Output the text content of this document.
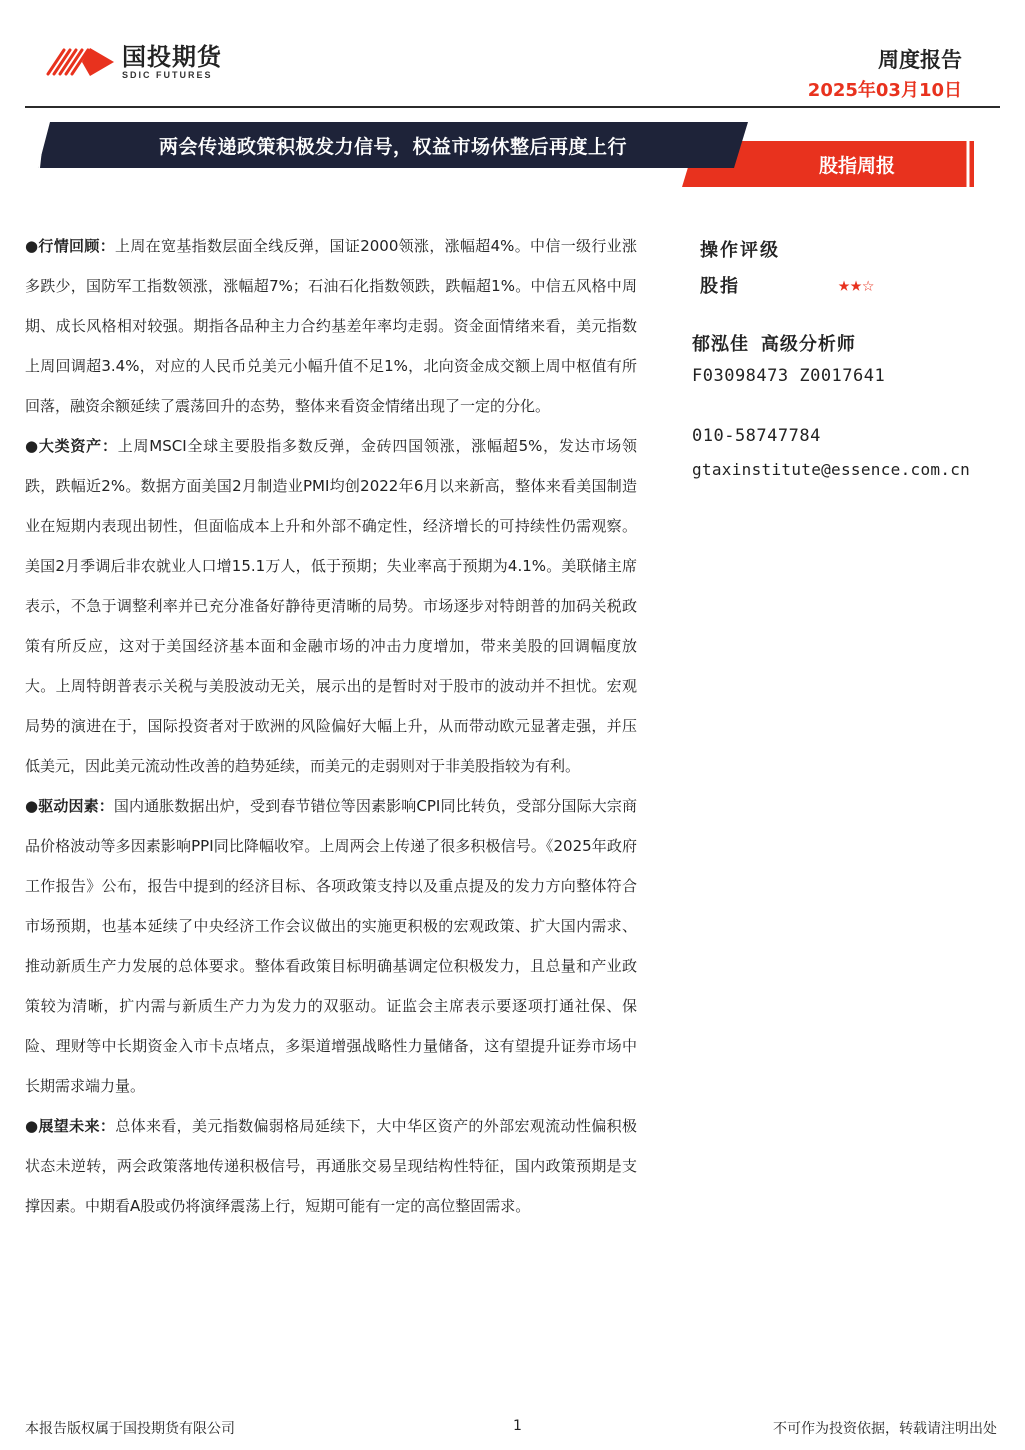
国投期货
SDIC FUTURES
周度报告
2025年03月10日
股指周报
两会传递政策积极发力信号，权益市场休整后再度上行

●行情回顾：上周在宽基指数层面全线反弹，国证2000领涨，涨幅超4%。中信一级行业涨多跌少，国防军工指数领涨，涨幅超7%；石油石化指数领跌，跌幅超1%。中信五风格中周期、成长风格相对较强。期指各品种主力合约基差年率均走弱。资金面情绪来看，美元指数上周回调超3.4%，对应的人民币兑美元小幅升值不足1%，北向资金成交额上周中枢值有所回落，融资余额延续了震荡回升的态势，整体来看资金情绪出现了一定的分化。

●大类资产：上周MSCI全球主要股指多数反弹，金砖四国领涨，涨幅超5%，发达市场领跌，跌幅近2%。数据方面美国2月制造业PMI均创2022年6月以来新高，整体来看美国制造业在短期内表现出韧性，但面临成本上升和外部不确定性，经济增长的可持续性仍需观察。美国2月季调后非农就业人口增15.1万人，低于预期；失业率高于预期为4.1%。美联储主席表示，不急于调整利率并已充分准备好静待更清晰的局势。市场逐步对特朗普的加码关税政策有所反应，这对于美国经济基本面和金融市场的冲击力度增加，带来美股的回调幅度放大。上周特朗普表示关税与美股波动无关，展示出的是暂时对于股市的波动并不担忧。宏观局势的演进在于，国际投资者对于欧洲的风险偏好大幅上升，从而带动欧元显著走强，并压低美元，因此美元流动性改善的趋势延续，而美元的走弱则对于非美股指较为有利。

●驱动因素：国内通胀数据出炉，受到春节错位等因素影响CPI同比转负，受部分国际大宗商品价格波动等多因素影响PPI同比降幅收窄。上周两会上传递了很多积极信号。《2025年政府工作报告》公布，报告中提到的经济目标、各项政策支持以及重点提及的发力方向整体符合市场预期，也基本延续了中央经济工作会议做出的实施更积极的宏观政策、扩大国内需求、推动新质生产力发展的总体要求。整体看政策目标明确基调定位积极发力，且总量和产业政策较为清晰，扩内需与新质生产力为发力的双驱动。证监会主席表示要逐项打通社保、保险、理财等中长期资金入市卡点堵点，多渠道增强战略性力量储备，这有望提升证券市场中长期需求端力量。

●展望未来：总体来看，美元指数偏弱格局延续下，大中华区资产的外部宏观流动性偏积极状态未逆转，两会政策落地传递积极信号，再通胀交易呈现结构性特征，国内政策预期是支撑因素。中期看A股或仍将演绎震荡上行，短期可能有一定的高位整固需求。

操作评级
股指	★★☆
郁泓佳 高级分析师
F03098473 Z0017641
010-58747784
gtaxinstitute@essence.com.cn
本报告版权属于国投期货有限公司	1	不可作为投资依据，转载请注明出处
